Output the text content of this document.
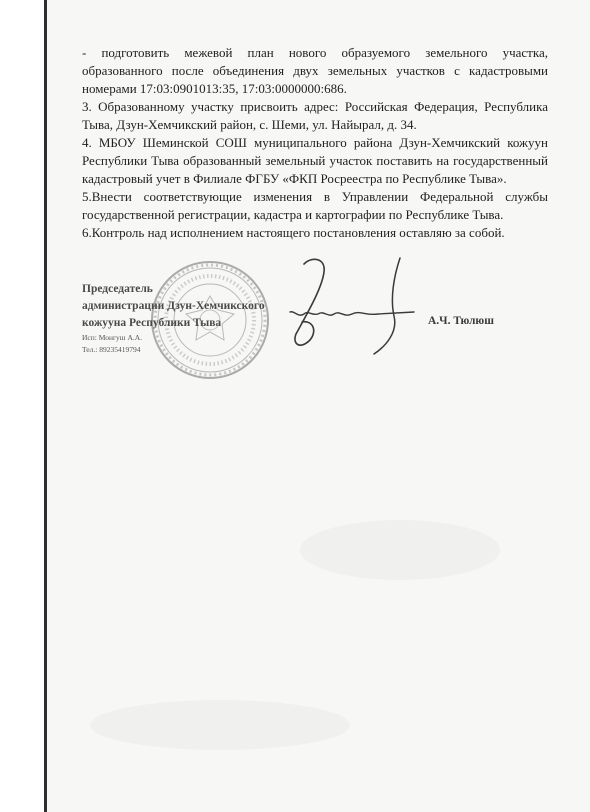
- подготовить межевой план нового образуемого земельного участка, образованного после объединения двух земельных участков с кадастровыми номерами 17:03:0901013:35, 17:03:0000000:686.

3. Образованному участку присвоить адрес: Российская Федерация, Республика Тыва, Дзун-Хемчикский район, с. Шеми, ул. Найырал, д. 34.

4. МБОУ Шеминской СОШ муниципального района Дзун-Хемчикский кожуун Республики Тыва образованный земельный участок поставить на государственный кадастровый учет в Филиале ФГБУ «ФКП Росреестра по Республике Тыва».

5.Внести соответствующие изменения в Управлении Федеральной службы государственной регистрации, кадастра и картографии по Республике Тыва.

6.Контроль над исполнением настоящего постановления оставляю за собой.

Председатель
администрации Дзун-Хемчикского
кожууна Республики Тыва
Исп: Монгуш А.А.
Тел.: 89235419794
А.Ч. Тюлюш
